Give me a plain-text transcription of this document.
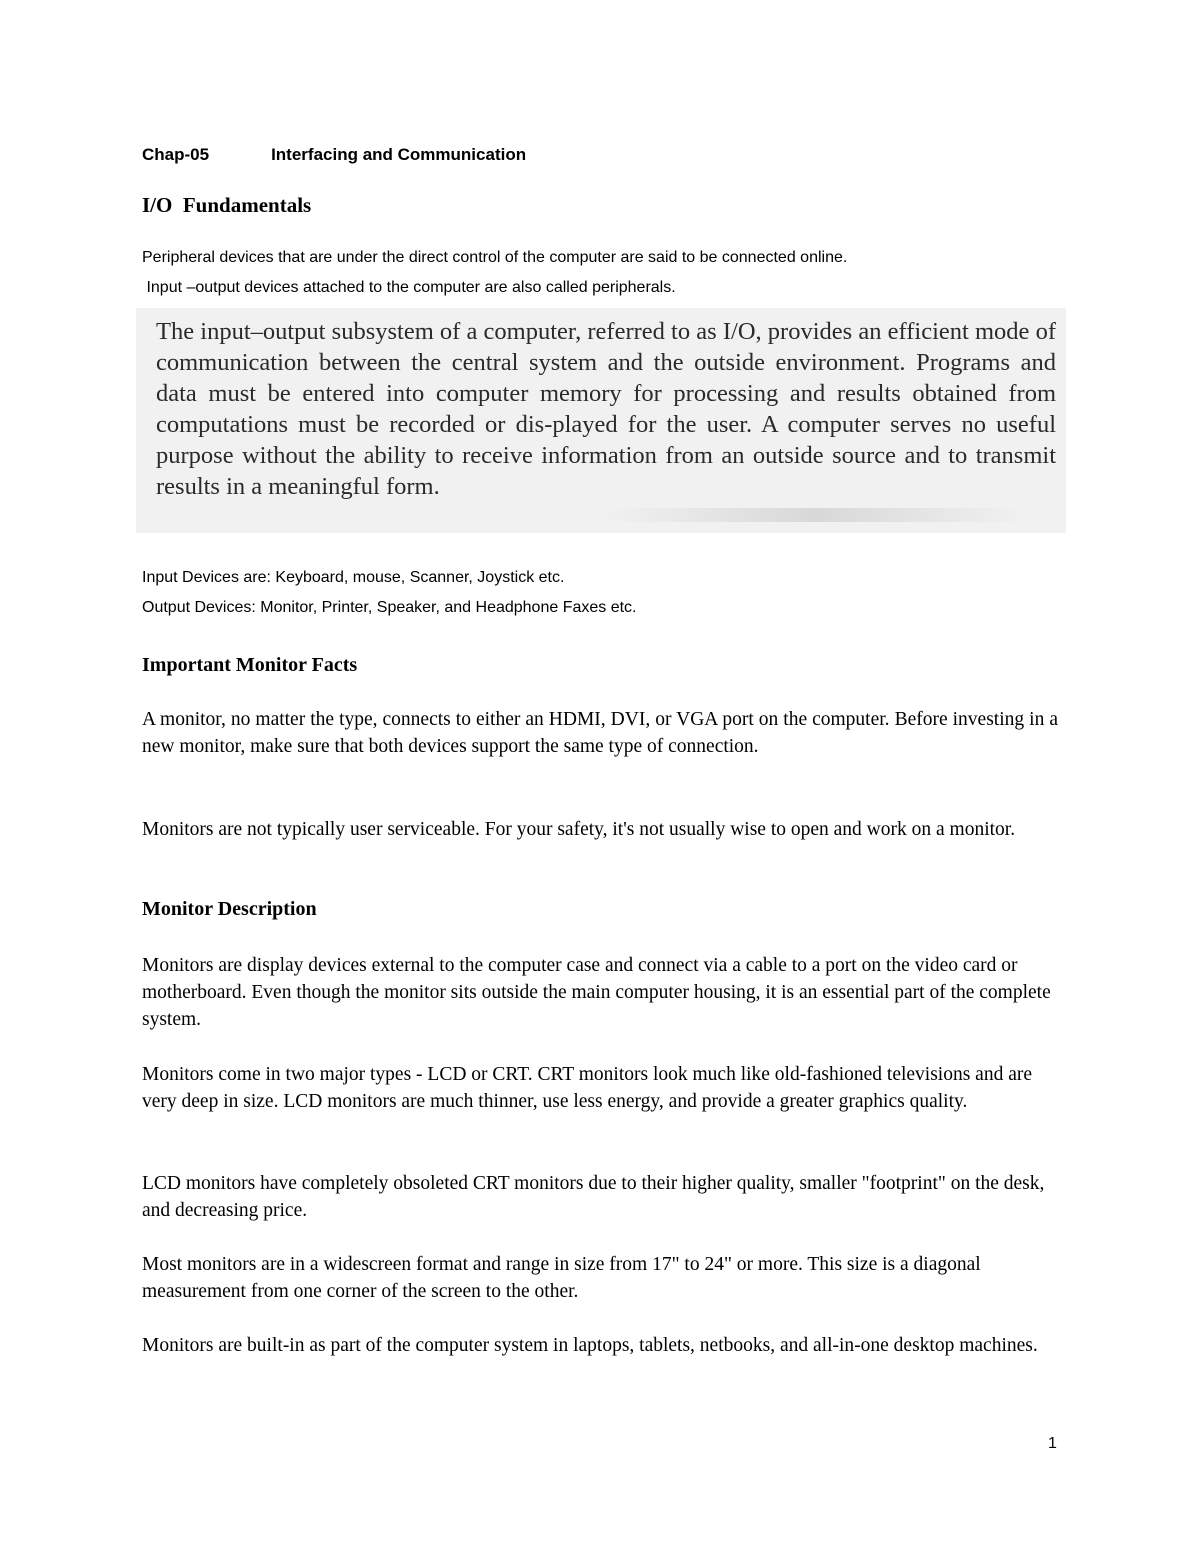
Chap-05	Interfacing and Communication
I/O  Fundamentals
Peripheral devices that are under the direct control of the computer are said to be connected online.
Input –output devices attached to the computer are also called peripherals.
The input–output subsystem of a computer, referred to as I/O, provides an efficient mode of communication between the central system and the outside environment. Programs and data must be entered into computer memory for processing and results obtained from computations must be recorded or dis-played for the user. A computer serves no useful purpose without the ability to receive information from an outside source and to transmit results in a meaningful form.
Input Devices are: Keyboard, mouse, Scanner, Joystick etc.
Output Devices: Monitor, Printer, Speaker, and Headphone Faxes etc.
Important Monitor Facts
A monitor, no matter the type, connects to either an HDMI, DVI, or VGA port on the computer. Before investing in a new monitor, make sure that both devices support the same type of connection.
Monitors are not typically user serviceable. For your safety, it's not usually wise to open and work on a monitor.
Monitor Description
Monitors are display devices external to the computer case and connect via a cable to a port on the video card or motherboard. Even though the monitor sits outside the main computer housing, it is an essential part of the complete system.
Monitors come in two major types - LCD or CRT. CRT monitors look much like old-fashioned televisions and are very deep in size. LCD monitors are much thinner, use less energy, and provide a greater graphics quality.
LCD monitors have completely obsoleted CRT monitors due to their higher quality, smaller "footprint" on the desk, and decreasing price.
Most monitors are in a widescreen format and range in size from 17" to 24" or more. This size is a diagonal measurement from one corner of the screen to the other.
Monitors are built-in as part of the computer system in laptops, tablets, netbooks, and all-in-one desktop machines.
1
